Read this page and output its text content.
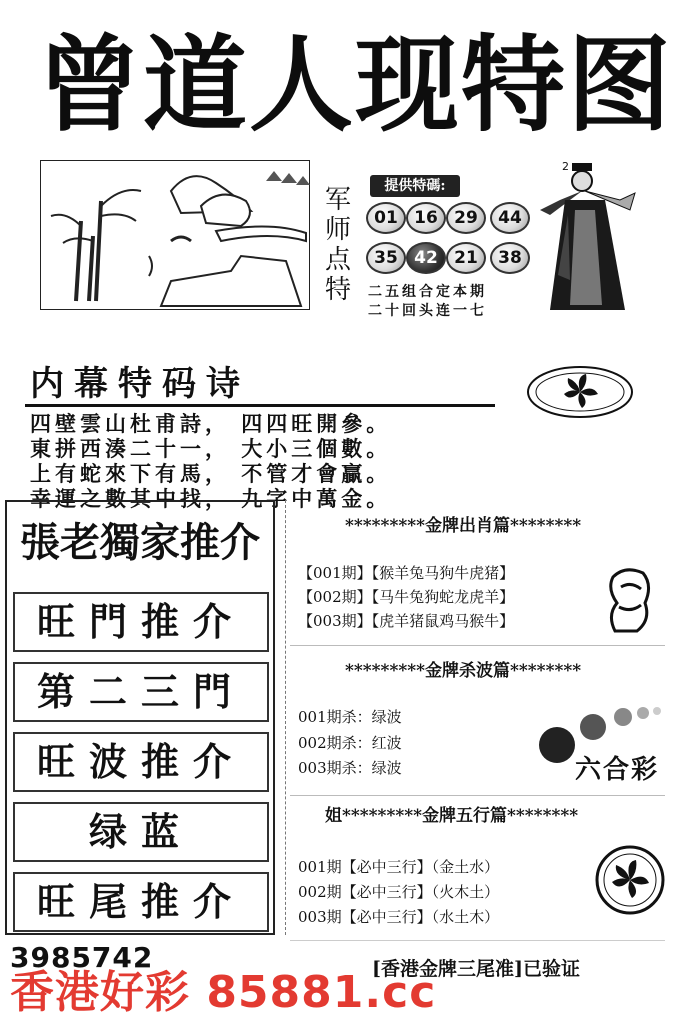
曾道人现特图
军
师
点
特
提供特碼:
01 16 29	44
35 42 21	38
二五组合定本期
二十回头连一七
2
内幕特码诗
四壁雲山杜甫詩， 四四旺開參。
東拼西湊二十一， 大小三個數。
上有蛇來下有馬， 不管才會贏。
幸運之數其中找， 九字中萬金。
張老獨家推介
旺門推介
第二三門
旺波推介
绿蓝
旺尾推介
3985742
*********金牌出肖篇********
【001期】【猴羊兔马狗牛虎猪】
【002期】【马牛兔狗蛇龙虎羊】
【003期】【虎羊猪鼠鸡马猴牛】
*********金牌杀波篇********
001期杀：绿波
002期杀：红波
003期杀：绿波	六合彩
姐*********金牌五行篇********
001期【必中三行】（金土水）
002期【必中三行】（火木土）
003期【必中三行】（水土木）
[香港金牌三尾准]已验证
香港好彩 85881.cc
